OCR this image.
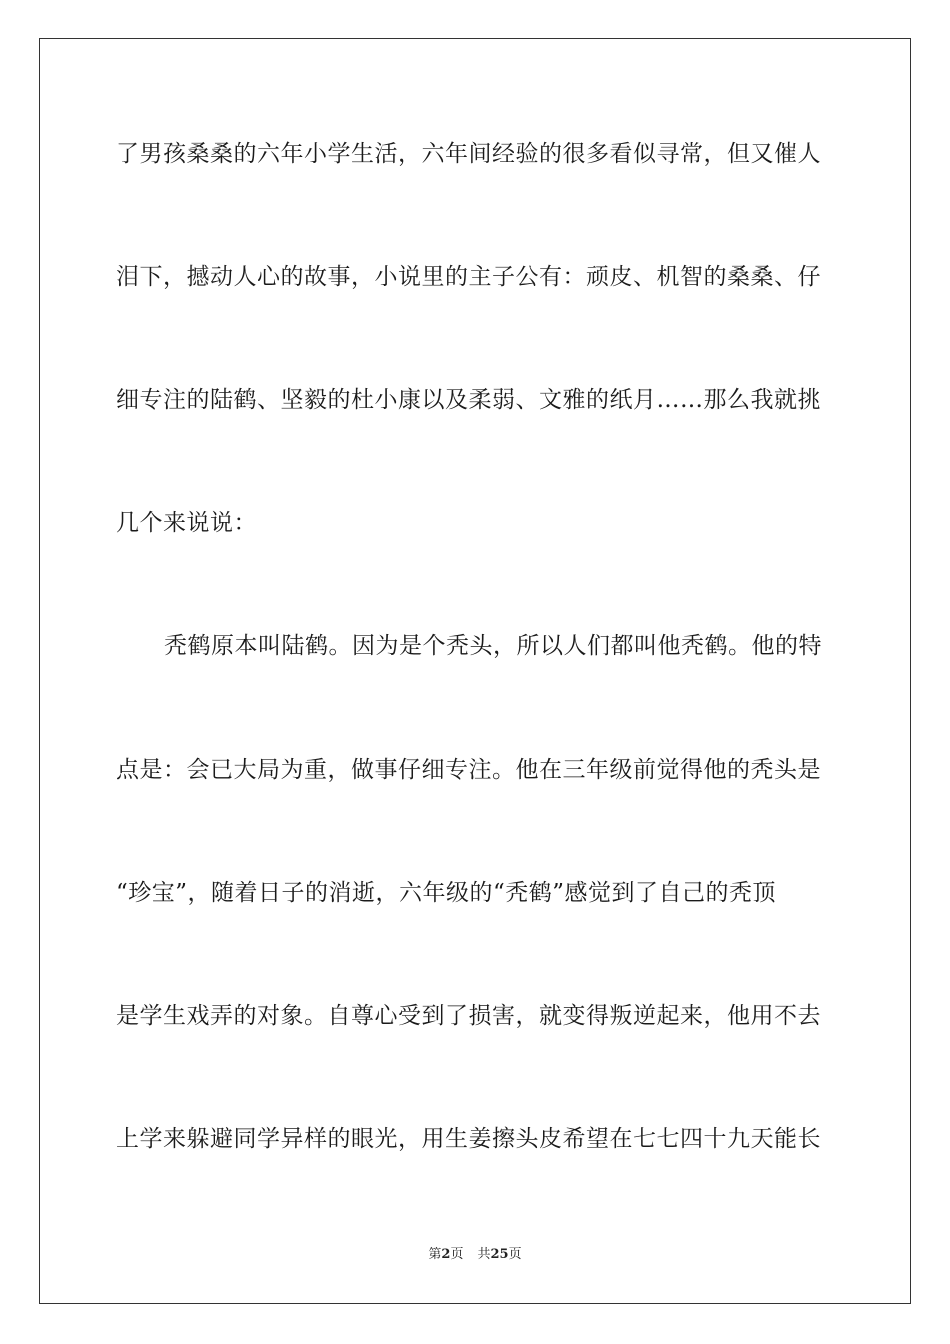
了男孩桑桑的六年小学生活，六年间经验的很多看似寻常，但又催人

泪下，撼动人心的故事，小说里的主子公有：顽皮、机智的桑桑、仔

细专注的陆鹤、坚毅的杜小康以及柔弱、文雅的纸月……那么我就挑

几个来说说：

秃鹤原本叫陆鹤。因为是个秃头，所以人们都叫他秃鹤。他的特

点是：会已大局为重，做事仔细专注。他在三年级前觉得他的秃头是

“珍宝”，随着日子的消逝，六年级的“秃鹤”感觉到了自己的秃顶

是学生戏弄的对象。自尊心受到了损害，就变得叛逆起来，他用不去

上学来躲避同学异样的眼光，用生姜擦头皮希望在七七四十九天能长

第2页 共25页
